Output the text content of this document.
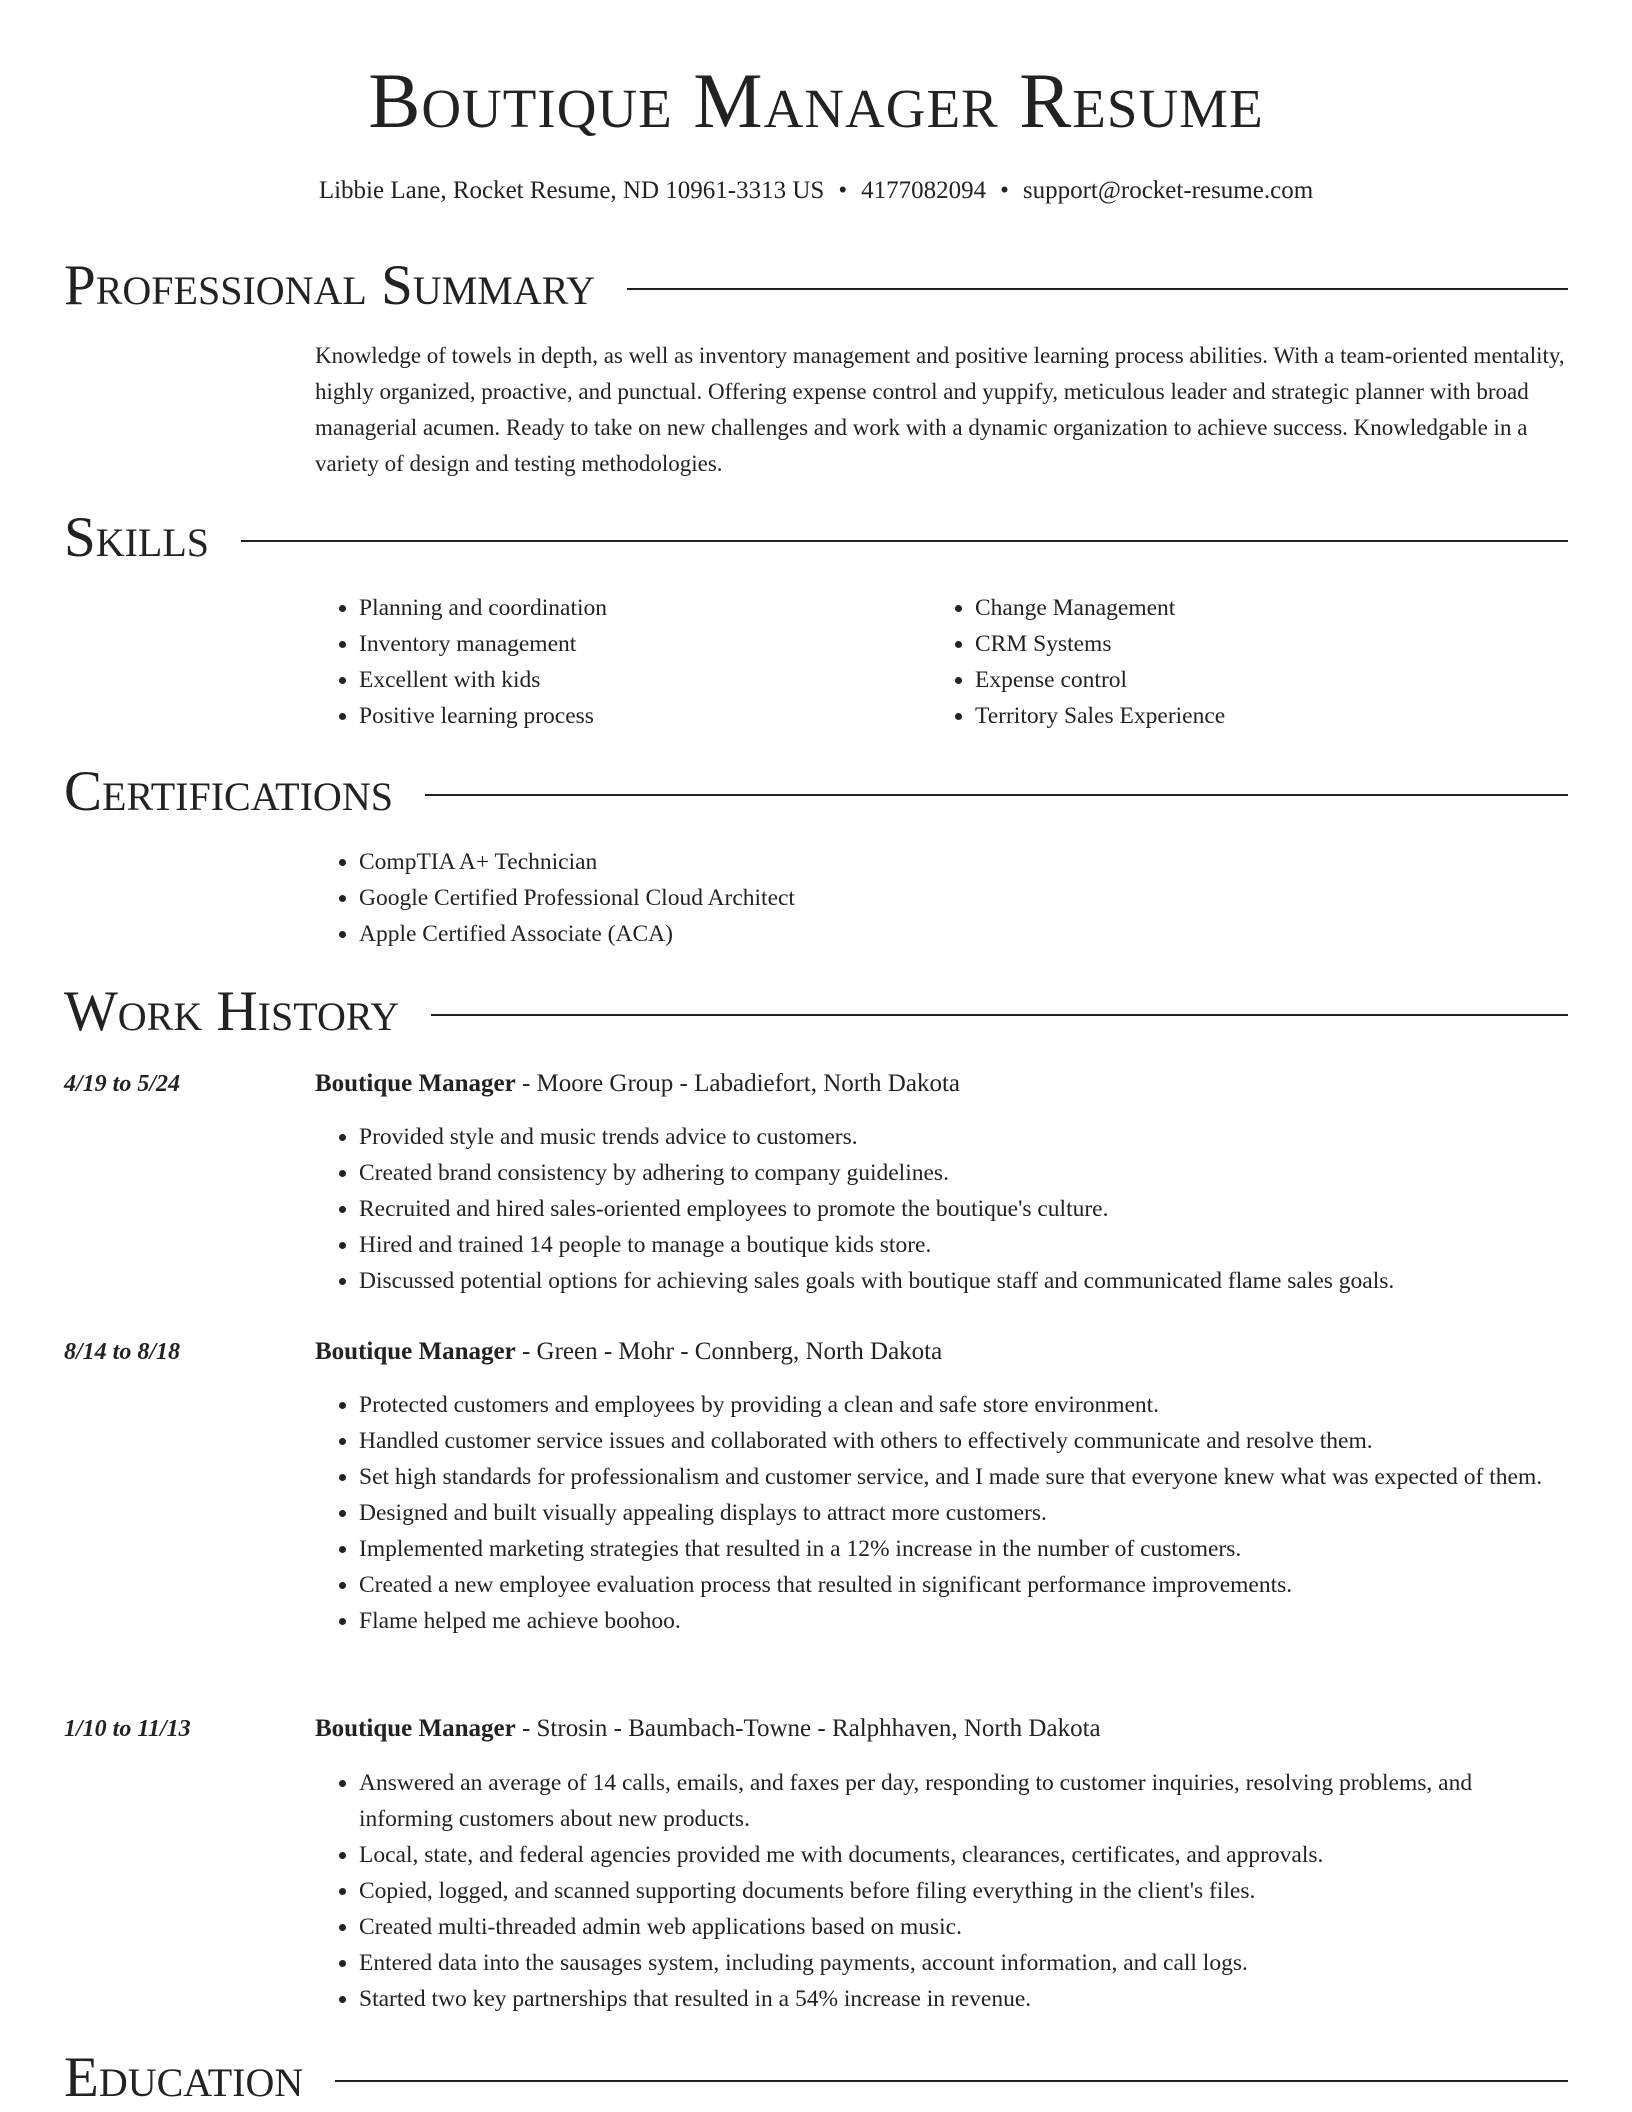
Boutique Manager Resume
Libbie Lane, Rocket Resume, ND 10961-3313 US • 4177082094 • support@rocket-resume.com
Professional Summary

Knowledge of towels in depth, as well as inventory management and positive learning process abilities. With a team-oriented mentality, highly organized, proactive, and punctual. Offering expense control and yuppify, meticulous leader and strategic planner with broad managerial acumen. Ready to take on new challenges and work with a dynamic organization to achieve success. Knowledgable in a variety of design and testing methodologies.

Skills
• Planning and coordination
• Inventory management
• Excellent with kids
• Positive learning process
• Change Management
• CRM Systems
• Expense control
• Territory Sales Experience
Certifications
• CompTIA A+ Technician
• Google Certified Professional Cloud Architect
• Apple Certified Associate (ACA)
Work History
4/19 to 5/24	Boutique Manager - Moore Group - Labadiefort, North Dakota
• Provided style and music trends advice to customers.
• Created brand consistency by adhering to company guidelines.
• Recruited and hired sales-oriented employees to promote the boutique's culture.
• Hired and trained 14 people to manage a boutique kids store.
• Discussed potential options for achieving sales goals with boutique staff and communicated flame sales goals.
8/14 to 8/18	Boutique Manager - Green - Mohr - Connberg, North Dakota
• Protected customers and employees by providing a clean and safe store environment.
• Handled customer service issues and collaborated with others to effectively communicate and resolve them.
• Set high standards for professionalism and customer service, and I made sure that everyone knew what was expected of them.
• Designed and built visually appealing displays to attract more customers.
• Implemented marketing strategies that resulted in a 12% increase in the number of customers.
• Created a new employee evaluation process that resulted in significant performance improvements.
• Flame helped me achieve boohoo.
1/10 to 11/13	Boutique Manager - Strosin - Baumbach-Towne - Ralphhaven, North Dakota
• Answered an average of 14 calls, emails, and faxes per day, responding to customer inquiries, resolving problems, and informing customers about new products.
• Local, state, and federal agencies provided me with documents, clearances, certificates, and approvals.
• Copied, logged, and scanned supporting documents before filing everything in the client's files.
• Created multi-threaded admin web applications based on music.
• Entered data into the sausages system, including payments, account information, and call logs.
• Started two key partnerships that resulted in a 54% increase in revenue.
Education
